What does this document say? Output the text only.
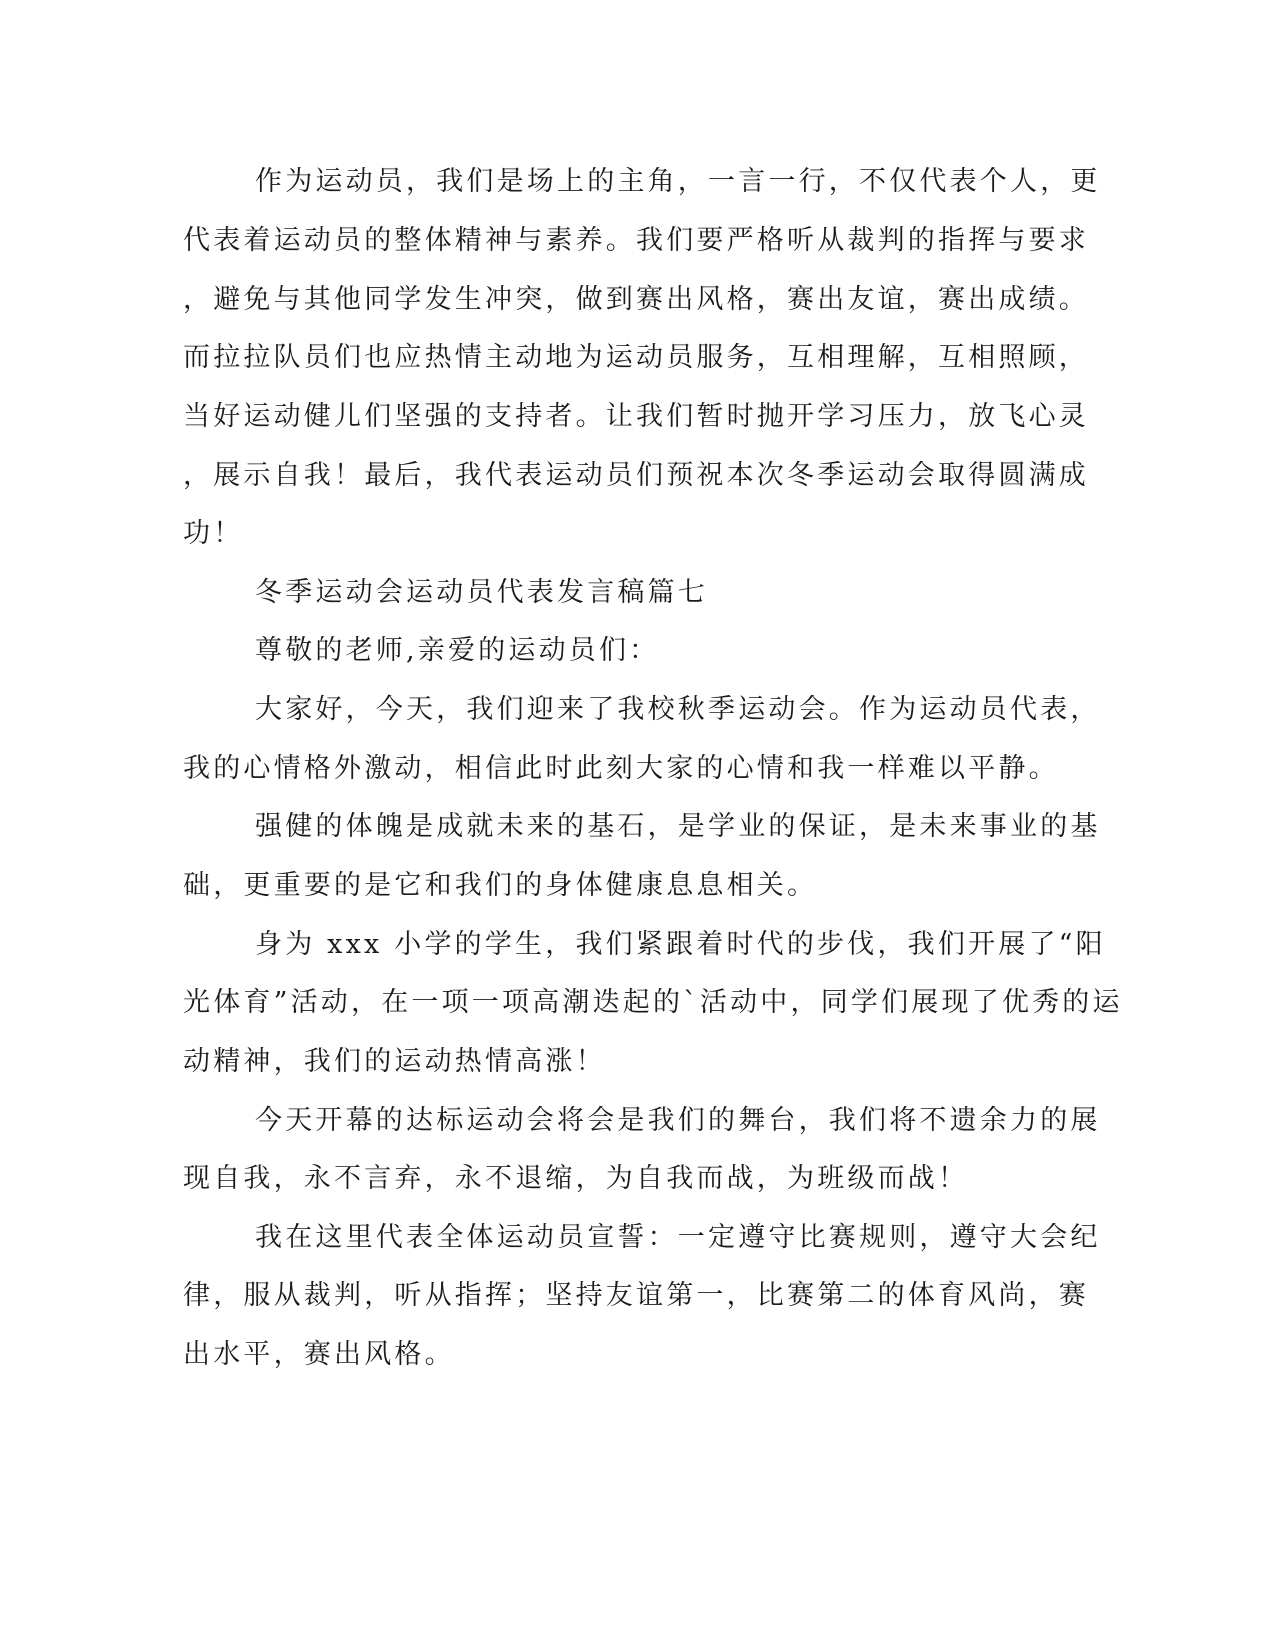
作为运动员，我们是场上的主角，一言一行，不仅代表个人，更
代表着运动员的整体精神与素养。我们要严格听从裁判的指挥与要求
，避免与其他同学发生冲突，做到赛出风格，赛出友谊，赛出成绩。
而拉拉队员们也应热情主动地为运动员服务，互相理解，互相照顾，
当好运动健儿们坚强的支持者。让我们暂时抛开学习压力，放飞心灵
，展示自我！最后，我代表运动员们预祝本次冬季运动会取得圆满成
功！
冬季运动会运动员代表发言稿篇七
尊敬的老师,亲爱的运动员们：
大家好，今天，我们迎来了我校秋季运动会。作为运动员代表，
我的心情格外激动，相信此时此刻大家的心情和我一样难以平静。
强健的体魄是成就未来的基石，是学业的保证，是未来事业的基
础，更重要的是它和我们的身体健康息息相关。
身为 xxx 小学的学生，我们紧跟着时代的步伐，我们开展了“阳
光体育”活动，在一项一项高潮迭起的`活动中，同学们展现了优秀的运
动精神，我们的运动热情高涨！
今天开幕的达标运动会将会是我们的舞台，我们将不遗余力的展
现自我，永不言弃，永不退缩，为自我而战，为班级而战！
我在这里代表全体运动员宣誓：一定遵守比赛规则，遵守大会纪
律，服从裁判，听从指挥；坚持友谊第一，比赛第二的体育风尚，赛
出水平，赛出风格。
